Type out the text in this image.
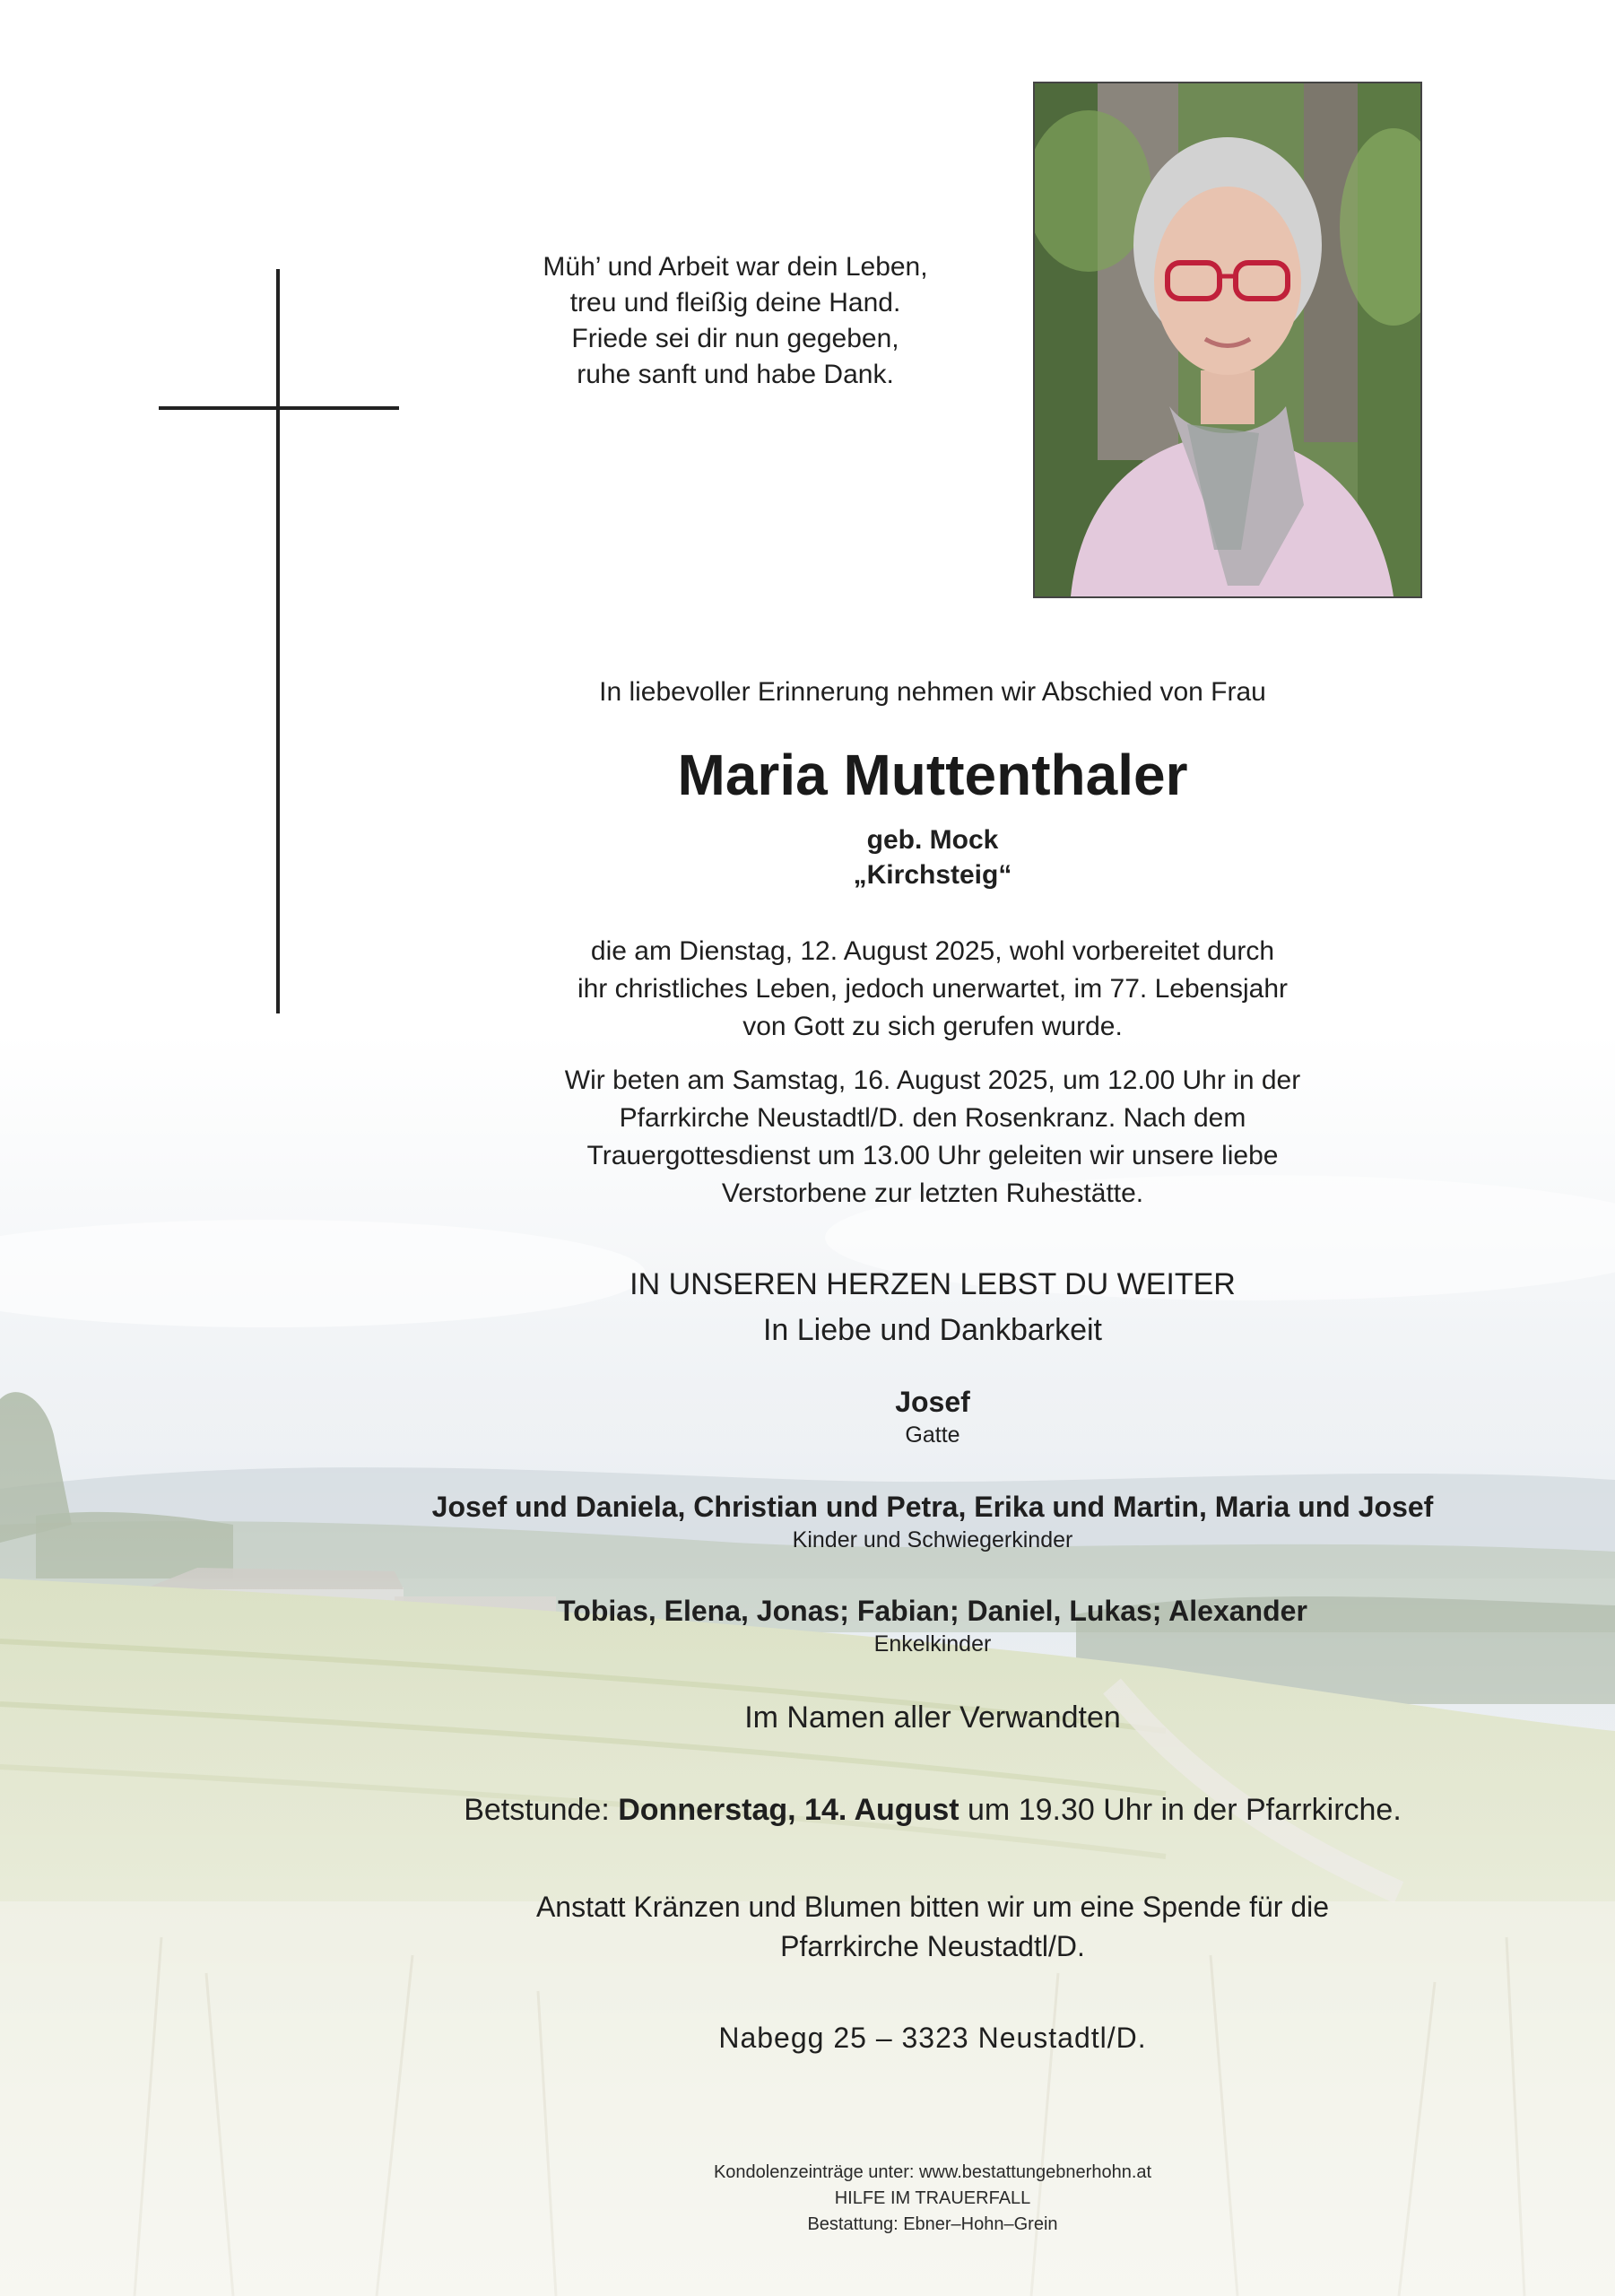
Müh’ und Arbeit war dein Leben,
treu und fleißig deine Hand.
Friede sei dir nun gegeben,
ruhe sanft und habe Dank.
In liebevoller Erinnerung nehmen wir Abschied von Frau
Maria Muttenthaler
geb. Mock
„Kirchsteig“
die am Dienstag, 12. August 2025, wohl vorbereitet durch
ihr christliches Leben, jedoch unerwartet, im 77. Lebensjahr
von Gott zu sich gerufen wurde.
Wir beten am Samstag, 16. August 2025, um 12.00 Uhr in der
Pfarrkirche Neustadtl/D. den Rosenkranz. Nach dem
Trauergottesdienst um 13.00 Uhr geleiten wir unsere liebe
Verstorbene zur letzten Ruhestätte.
IN UNSEREN HERZEN LEBST DU WEITER
In Liebe und Dankbarkeit
Josef
Gatte
Josef und Daniela, Christian und Petra, Erika und Martin, Maria und Josef
Kinder und Schwiegerkinder
Tobias, Elena, Jonas; Fabian; Daniel, Lukas; Alexander
Enkelkinder
Im Namen aller Verwandten
Betstunde: Donnerstag, 14. August um 19.30 Uhr in der Pfarrkirche.
Anstatt Kränzen und Blumen bitten wir um eine Spende für die
Pfarrkirche Neustadtl/D.
Nabegg 25 – 3323 Neustadtl/D.
Kondolenzeinträge unter: www.bestattungebnerhohn.at
HILFE IM TRAUERFALL
Bestattung: Ebner–Hohn–Grein
